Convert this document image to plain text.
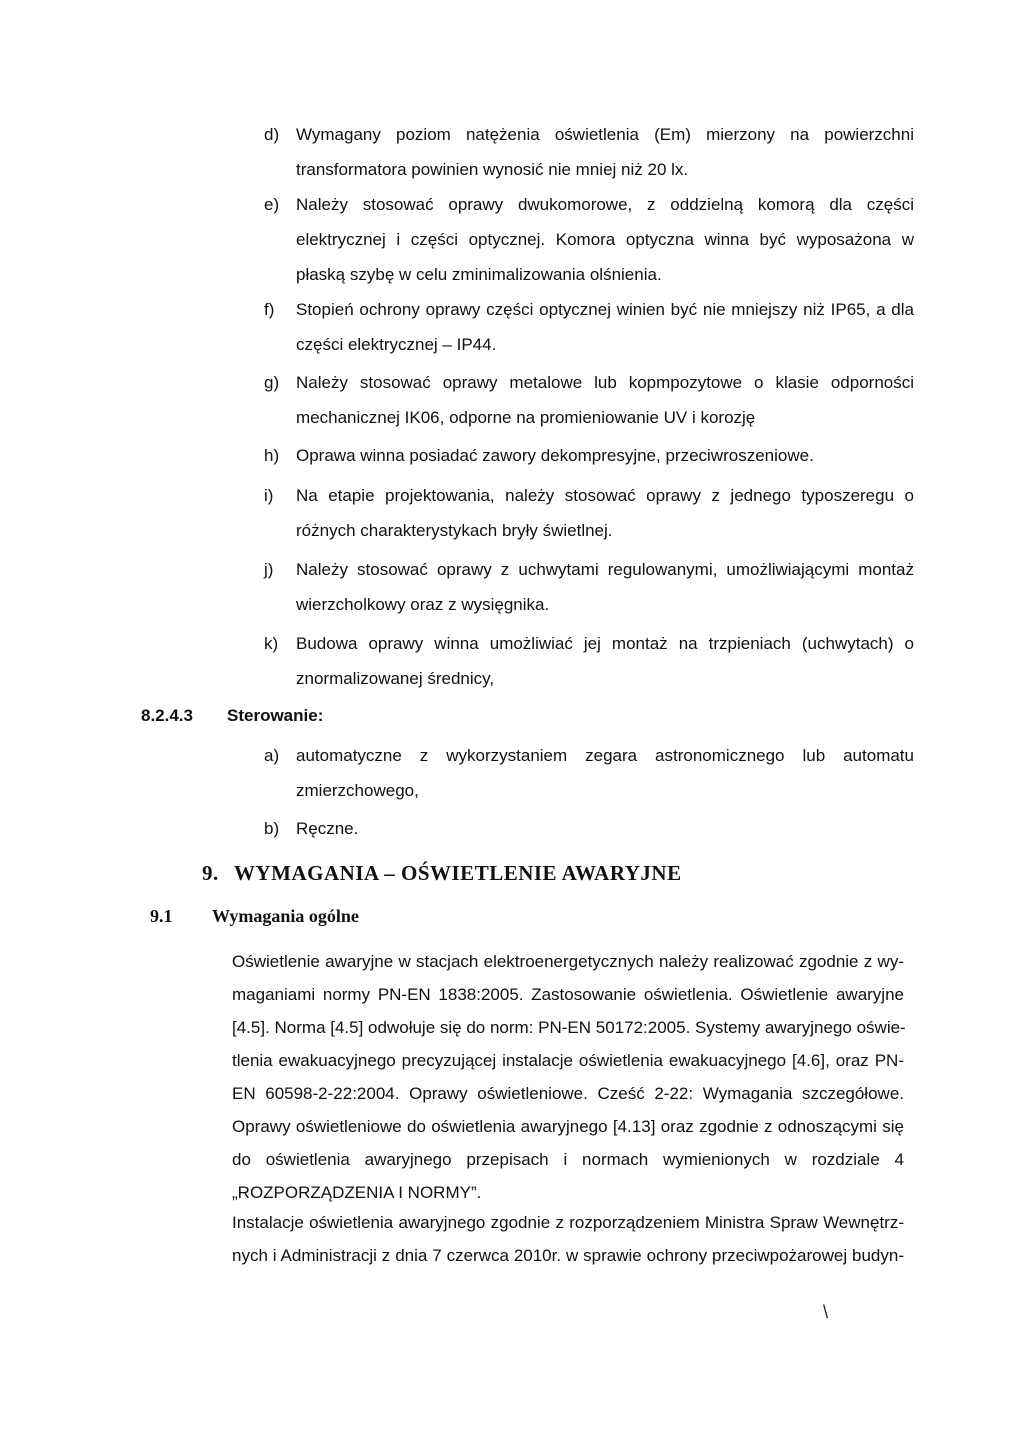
d) Wymagany poziom natężenia oświetlenia (Em) mierzony na powierzchni transformatora powinien wynosić nie mniej niż 20 lx.
e) Należy stosować oprawy dwukomorowe, z oddzielną komorą dla części elektrycznej i części optycznej. Komora optyczna winna być wyposażona w płaską szybę w celu zminimalizowania olśnienia.
f)	Stopień ochrony oprawy części optycznej winien być nie mniejszy niż IP65, a dla części elektrycznej – IP44.
g) Należy stosować oprawy metalowe lub kopmpozytowe o klasie odporności mechanicznej IK06, odporne na promieniowanie UV i korozję
h) Oprawa winna posiadać zawory dekompresyjne, przeciwroszeniowe.
i)	Na etapie projektowania, należy stosować oprawy z jednego typoszeregu o różnych charakterystykach bryły świetlnej.
j)	Należy stosować oprawy z uchwytami regulowanymi, umożliwiającymi montaż wierzcholkowy oraz z wysięgnika.
k)	Budowa oprawy winna umożliwiać jej montaż na trzpieniach (uchwytach) o znormalizowanej średnicy,
8.2.4.3 Sterowanie:
a) automatyczne z wykorzystaniem zegara astronomicznego lub automatu zmierzchowego,
b) Ręczne.
9. WYMAGANIA – OŚWIETLENIE AWARYJNE
9.1 Wymagania ogólne
Oświetlenie awaryjne w stacjach elektroenergetycznych należy realizować zgodnie z wy-
maganiami normy PN-EN 1838:2005. Zastosowanie oświetlenia. Oświetlenie awaryjne
[4.5]. Norma [4.5] odwołuje się do norm: PN-EN 50172:2005. Systemy awaryjnego oświe-
tlenia ewakuacyjnego precyzującej instalacje oświetlenia ewakuacyjnego [4.6], oraz PN-
EN 60598-2-22:2004. Oprawy oświetleniowe. Cześć 2-22: Wymagania szczegółowe.
Oprawy oświetleniowe do oświetlenia awaryjnego [4.13] oraz zgodnie z odnoszącymi się
do oświetlenia awaryjnego przepisach i normach wymienionych w rozdziale 4
„ROZPORZĄDZENIA I NORMY”.
Instalacje oświetlenia awaryjnego zgodnie z rozporządzeniem Ministra Spraw Wewnętrz-
nych i Administracji z dnia 7 czerwca 2010r. w sprawie ochrony przeciwpożarowej budyn-
\
